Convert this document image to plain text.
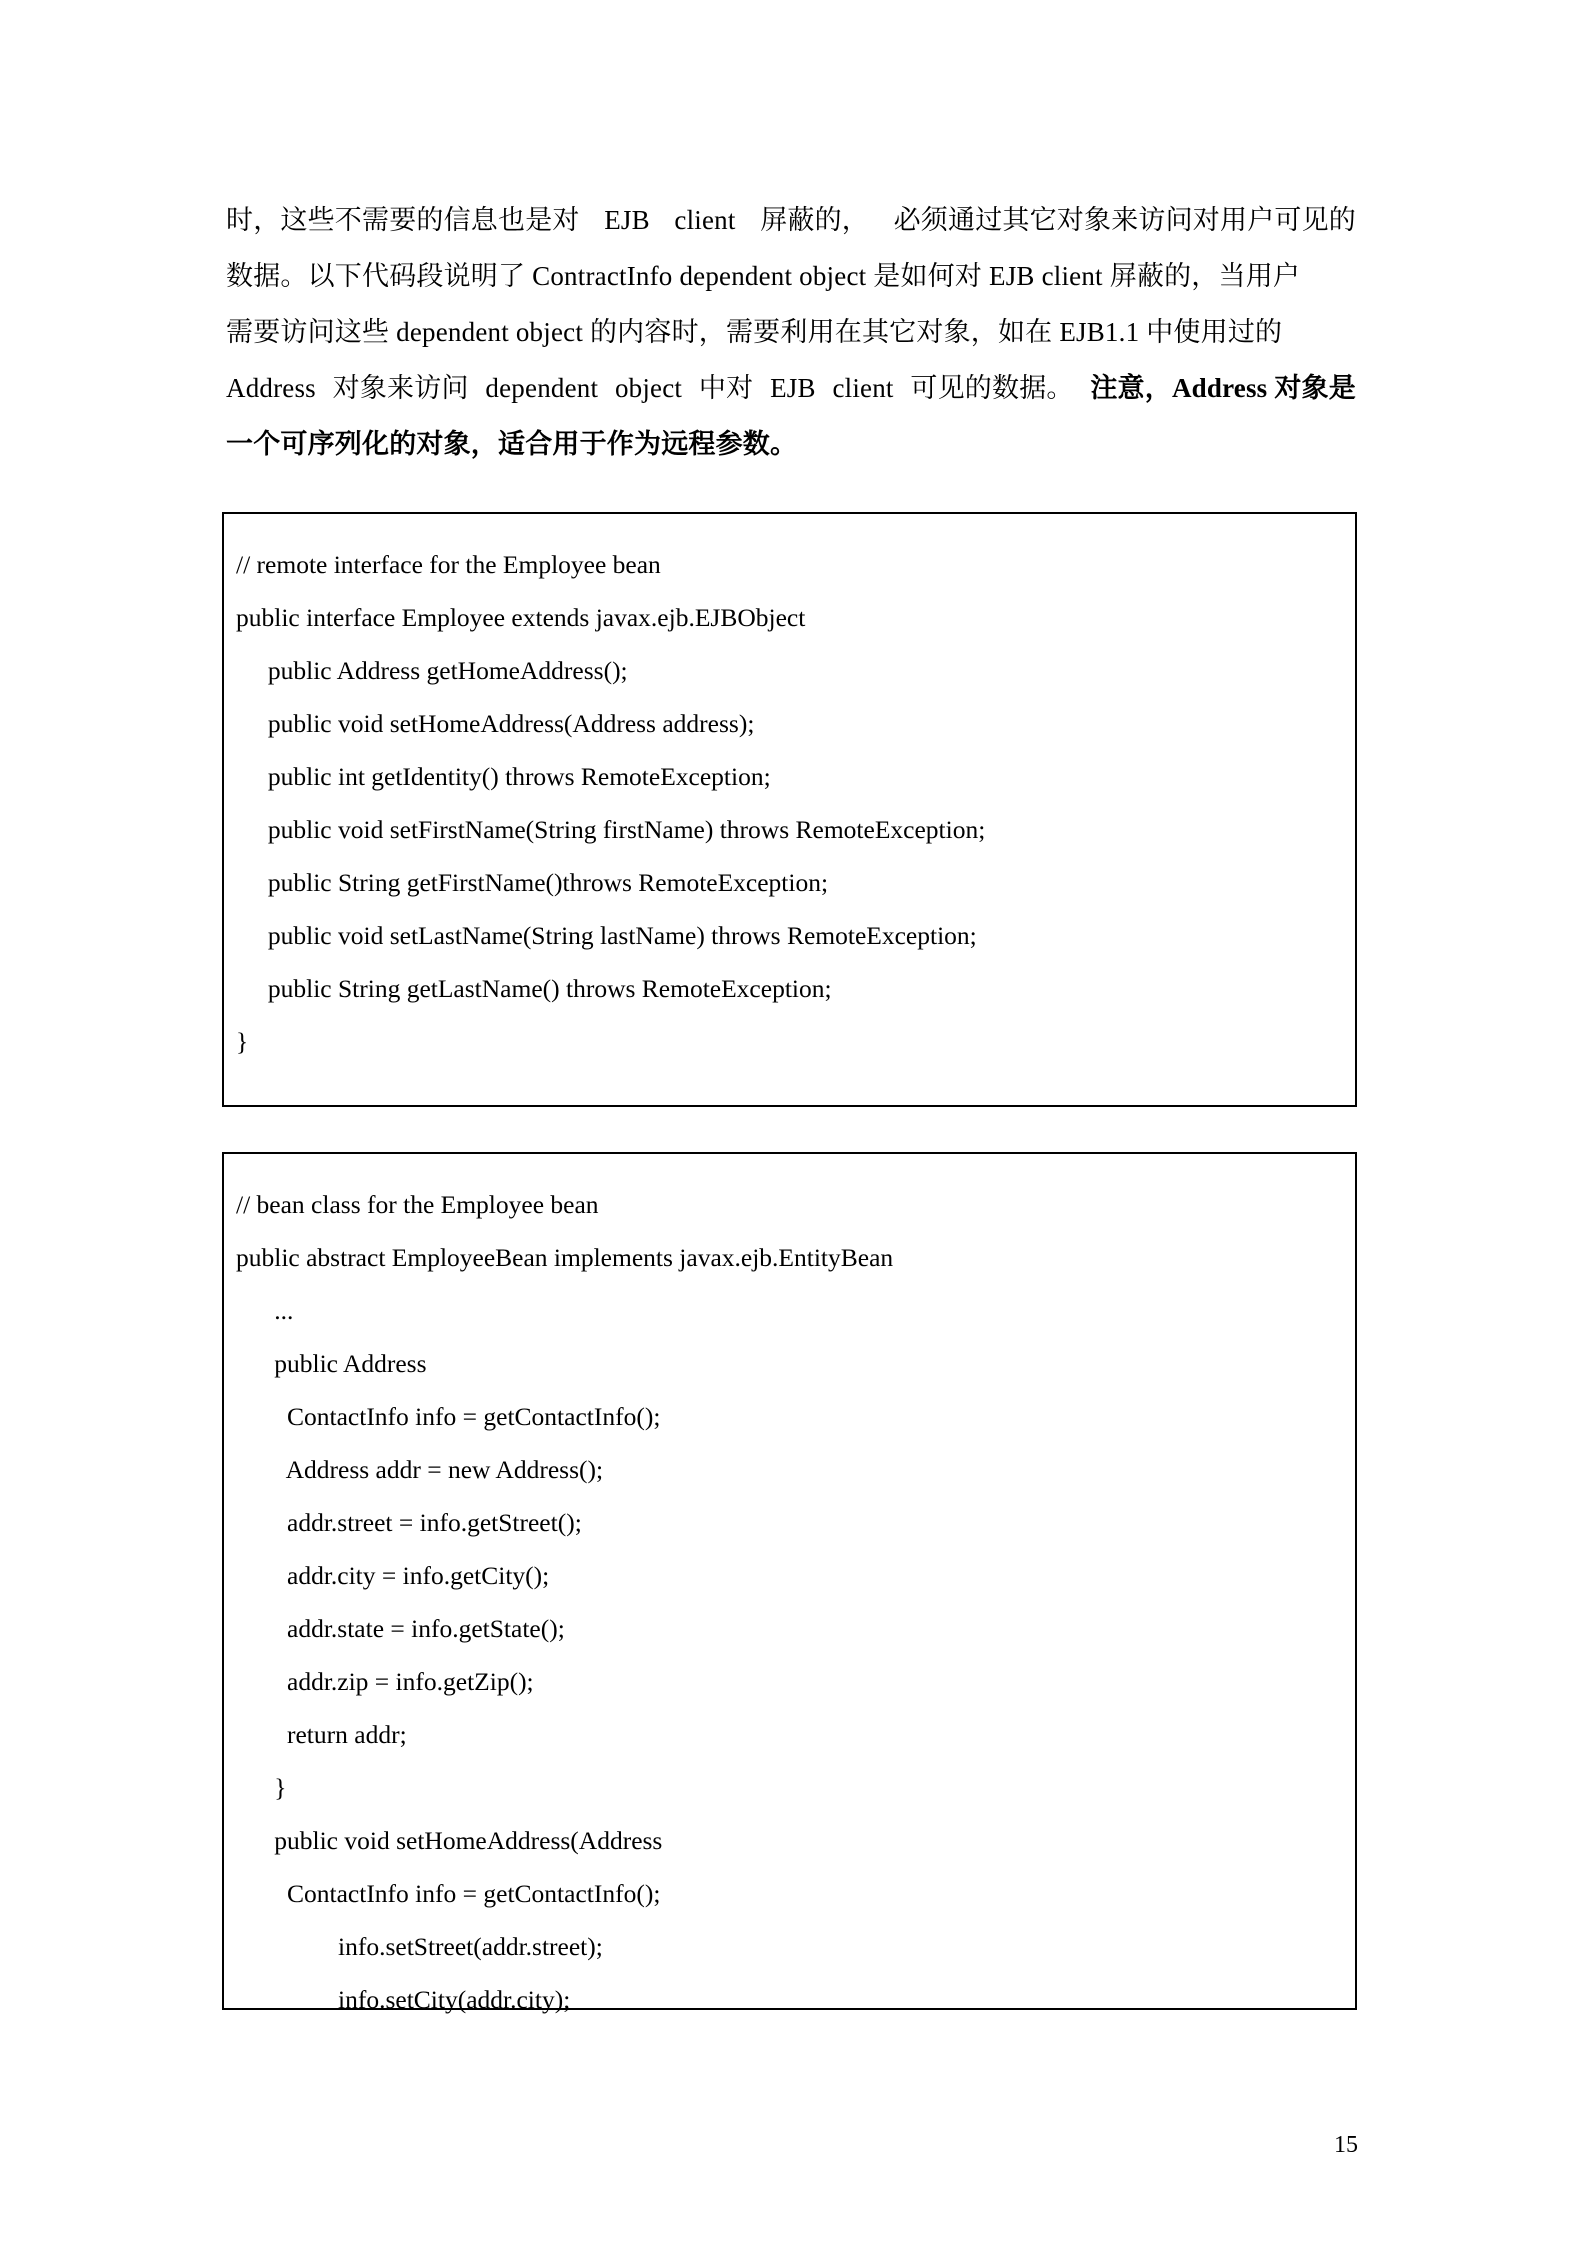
时，这些不需要的信息也是对 EJB client 屏蔽的， 必须通过其它对象来访问对用户可见的
数据。以下代码段说明了 ContractInfo dependent object 是如何对 EJB client 屏蔽的，当用户
需要访问这些 dependent object 的内容时，需要利用在其它对象，如在 EJB1.1 中使用过的
Address 对象来访问 dependent object 中对 EJB client 可见的数据。 注意，Address 对象是
一个可序列化的对象，适合用于作为远程参数。
// remote interface for the Employee bean
public interface Employee extends javax.ejb.EJBObject
public Address getHomeAddress();
public void setHomeAddress(Address address);
public int getIdentity() throws RemoteException;
public void setFirstName(String firstName) throws RemoteException;
public String getFirstName()throws RemoteException;
public void setLastName(String lastName) throws RemoteException;
public String getLastName() throws RemoteException;
}
// bean class for the Employee bean
public abstract EmployeeBean implements javax.ejb.EntityBean
...
public Address
ContactInfo info = getContactInfo();
Address addr = new Address();
addr.street = info.getStreet();
addr.city = info.getCity();
addr.state = info.getState();
addr.zip = info.getZip();
return addr;
}
public void setHomeAddress(Address
ContactInfo info = getContactInfo();
info.setStreet(addr.street);
info.setCity(addr.city);
15
